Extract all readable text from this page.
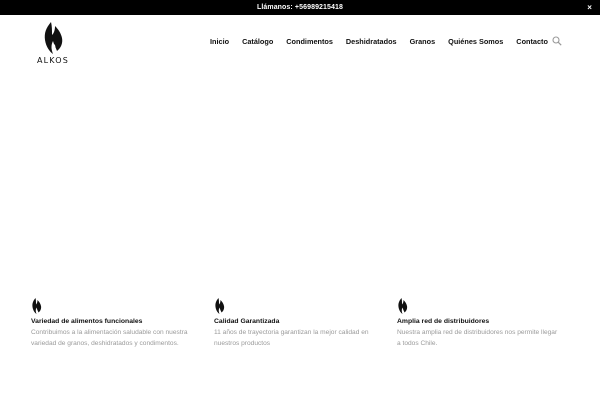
Llámanos: +56989215418	×
ALKOS
Inicio Catálogo Condimentos Deshidratados Granos Quiénes Somos Contacto
Variedad de alimentos funcionales

Contribuimos a la alimentación saludable con nuestra variedad de granos, deshidratados y condimentos.

Calidad Garantizada

11 años de trayectoria garantizan la mejor calidad en nuestros productos

Amplia red de distribuidores

Nuestra amplia red de distribuidores nos permite llegar a todos Chile.
